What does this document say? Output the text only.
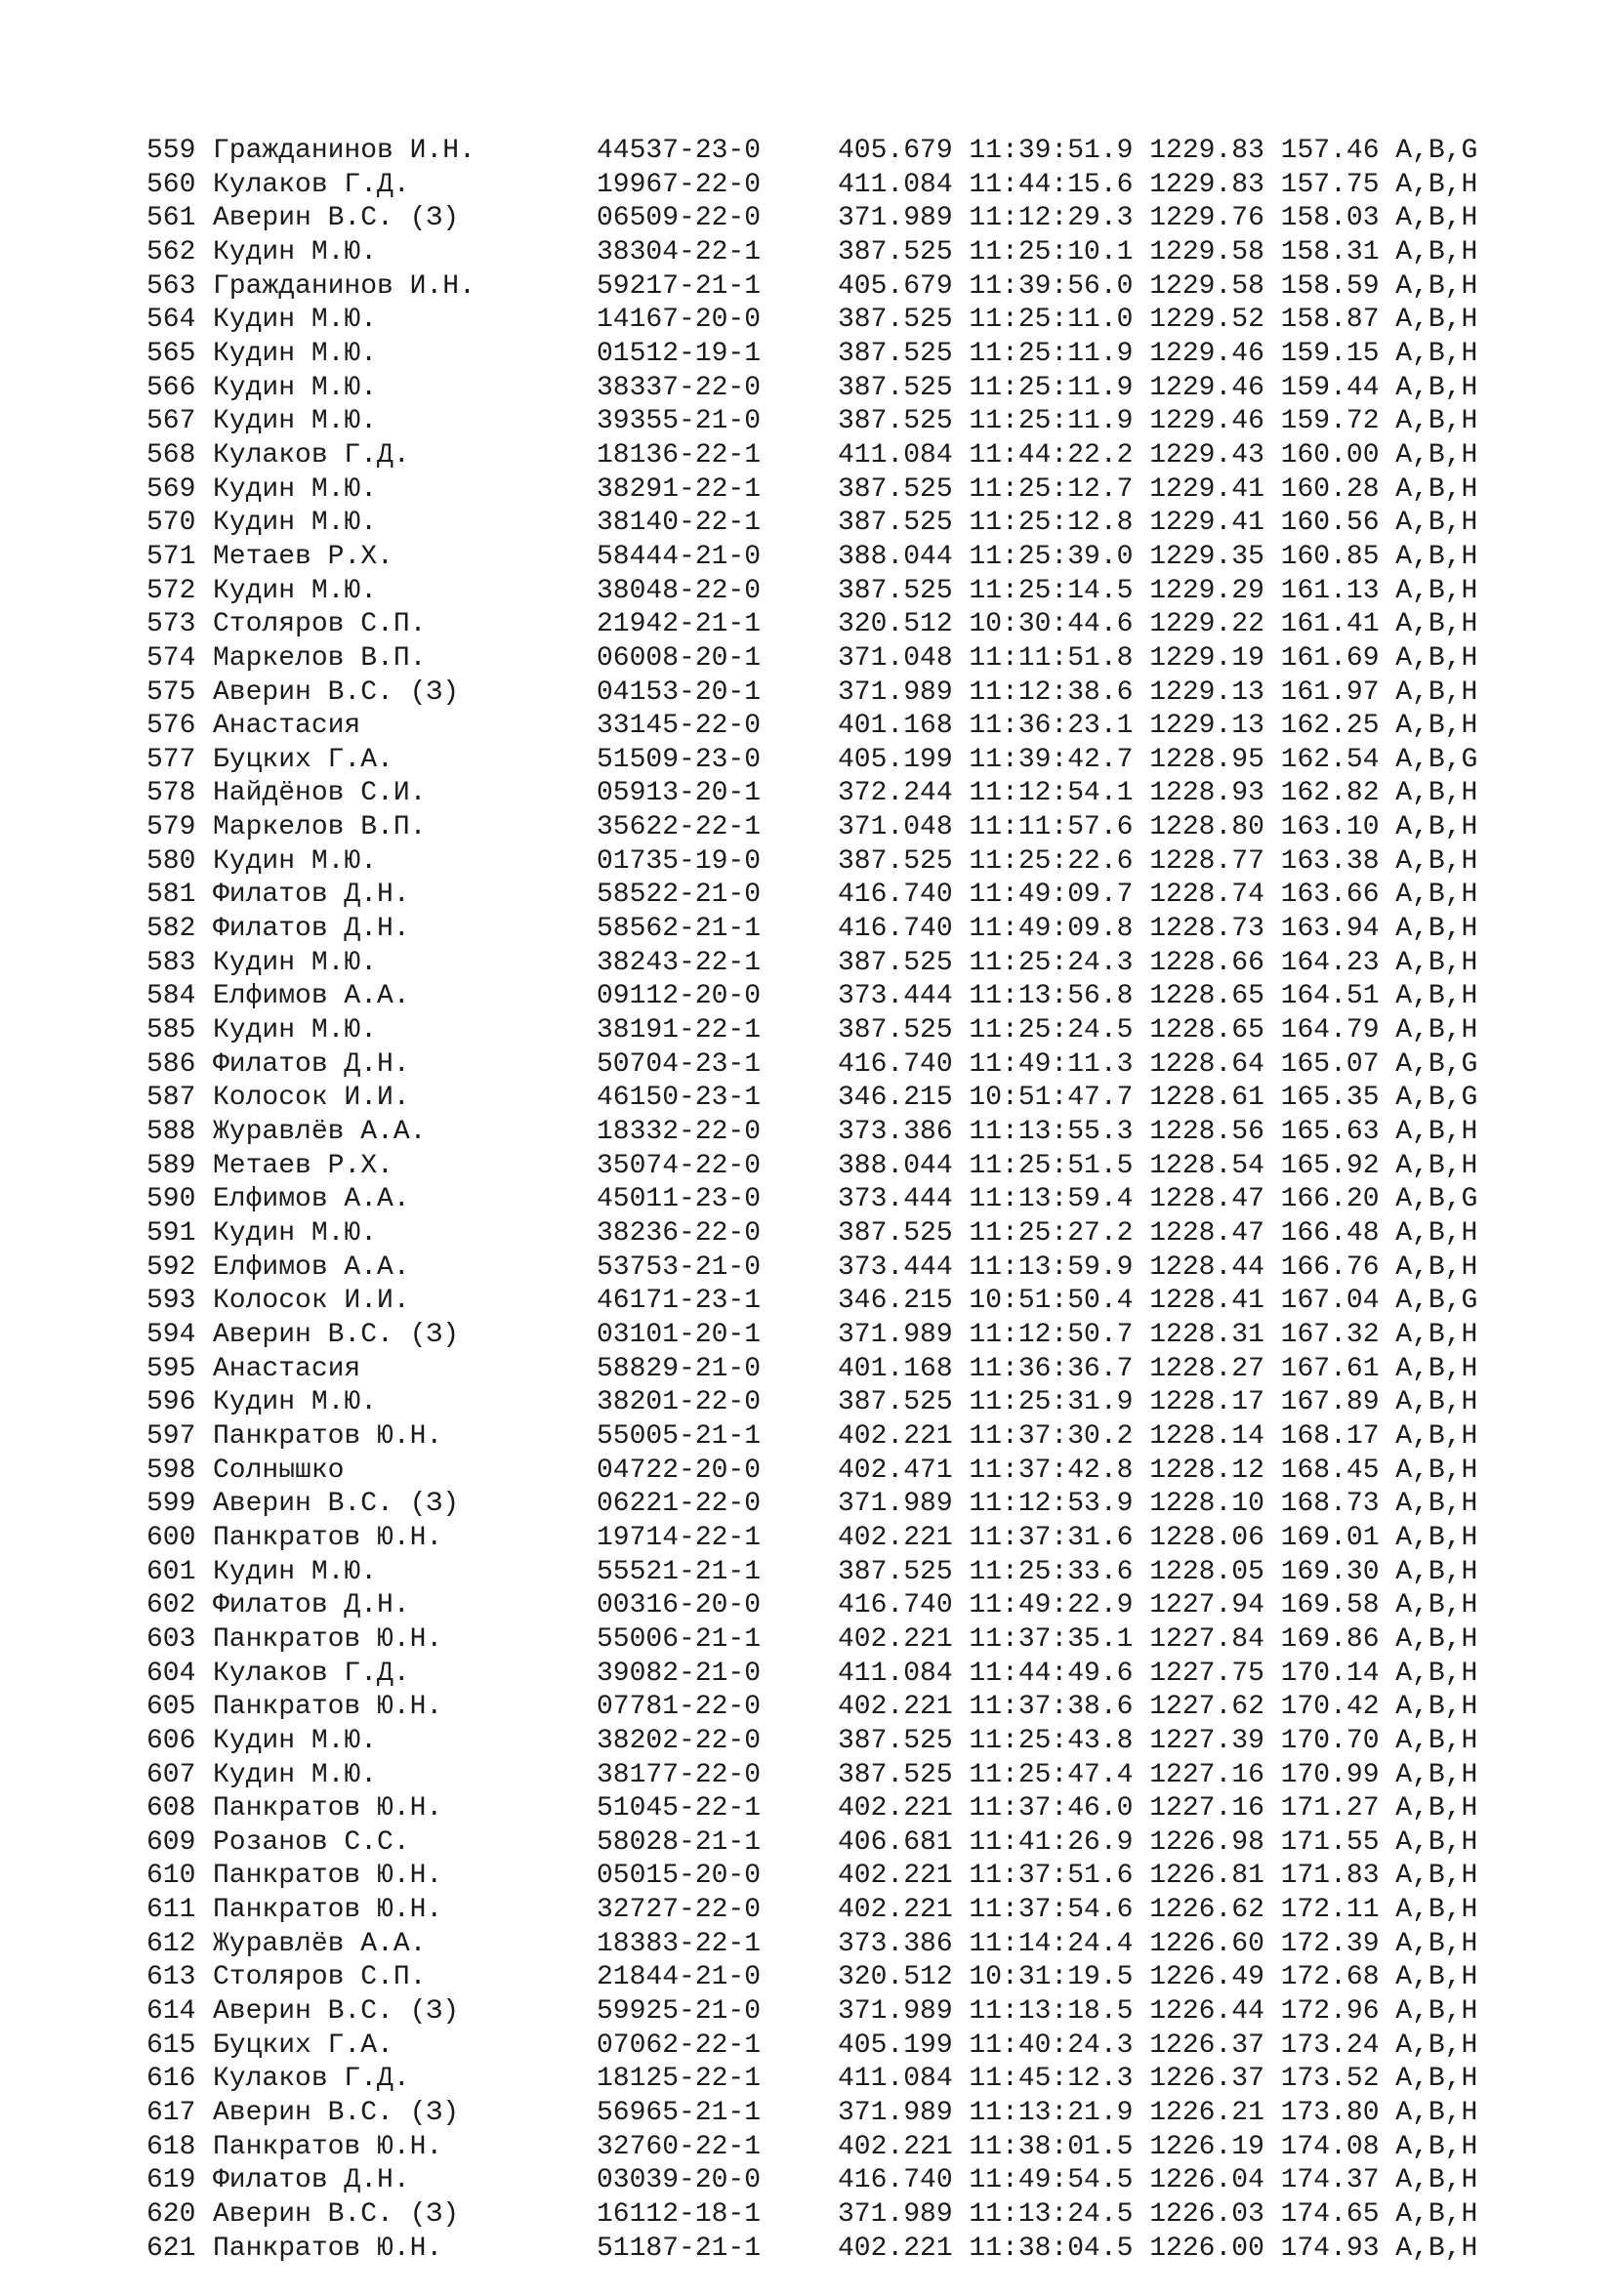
559 Гражданинов И.Н.	44537-23-0	405.679 11:39:51.9 1229.83 157.46 A,B,G
560 Кулаков Г.Д.	19967-22-0	411.084 11:44:15.6 1229.83 157.75 A,B,H
561 Аверин В.С. (З)	06509-22-0	371.989 11:12:29.3 1229.76 158.03 A,B,H
562 Кудин М.Ю.	38304-22-1	387.525 11:25:10.1 1229.58 158.31 A,B,H
563 Гражданинов И.Н.	59217-21-1	405.679 11:39:56.0 1229.58 158.59 A,B,H
564 Кудин М.Ю.	14167-20-0	387.525 11:25:11.0 1229.52 158.87 A,B,H
565 Кудин М.Ю.	01512-19-1	387.525 11:25:11.9 1229.46 159.15 A,B,H
566 Кудин М.Ю.	38337-22-0	387.525 11:25:11.9 1229.46 159.44 A,B,H
567 Кудин М.Ю.	39355-21-0	387.525 11:25:11.9 1229.46 159.72 A,B,H
568 Кулаков Г.Д.	18136-22-1	411.084 11:44:22.2 1229.43 160.00 A,B,H
569 Кудин М.Ю.	38291-22-1	387.525 11:25:12.7 1229.41 160.28 A,B,H
570 Кудин М.Ю.	38140-22-1	387.525 11:25:12.8 1229.41 160.56 A,B,H
571 Метаев Р.Х.	58444-21-0	388.044 11:25:39.0 1229.35 160.85 A,B,H
572 Кудин М.Ю.	38048-22-0	387.525 11:25:14.5 1229.29 161.13 A,B,H
573 Столяров С.П.	21942-21-1	320.512 10:30:44.6 1229.22 161.41 A,B,H
574 Маркелов В.П.	06008-20-1	371.048 11:11:51.8 1229.19 161.69 A,B,H
575 Аверин В.С. (З)	04153-20-1	371.989 11:12:38.6 1229.13 161.97 A,B,H
576 Анастасия	33145-22-0	401.168 11:36:23.1 1229.13 162.25 A,B,H
577 Буцких Г.А.	51509-23-0	405.199 11:39:42.7 1228.95 162.54 A,B,G
578 Найдёнов С.И.	05913-20-1	372.244 11:12:54.1 1228.93 162.82 A,B,H
579 Маркелов В.П.	35622-22-1	371.048 11:11:57.6 1228.80 163.10 A,B,H
580 Кудин М.Ю.	01735-19-0	387.525 11:25:22.6 1228.77 163.38 A,B,H
581 Филатов Д.Н.	58522-21-0	416.740 11:49:09.7 1228.74 163.66 A,B,H
582 Филатов Д.Н.	58562-21-1	416.740 11:49:09.8 1228.73 163.94 A,B,H
583 Кудин М.Ю.	38243-22-1	387.525 11:25:24.3 1228.66 164.23 A,B,H
584 Елфимов А.А.	09112-20-0	373.444 11:13:56.8 1228.65 164.51 A,B,H
585 Кудин М.Ю.	38191-22-1	387.525 11:25:24.5 1228.65 164.79 A,B,H
586 Филатов Д.Н.	50704-23-1	416.740 11:49:11.3 1228.64 165.07 A,B,G
587 Колосок И.И.	46150-23-1	346.215 10:51:47.7 1228.61 165.35 A,B,G
588 Журавлёв А.А.	18332-22-0	373.386 11:13:55.3 1228.56 165.63 A,B,H
589 Метаев Р.Х.	35074-22-0	388.044 11:25:51.5 1228.54 165.92 A,B,H
590 Елфимов А.А.	45011-23-0	373.444 11:13:59.4 1228.47 166.20 A,B,G
591 Кудин М.Ю.	38236-22-0	387.525 11:25:27.2 1228.47 166.48 A,B,H
592 Елфимов А.А.	53753-21-0	373.444 11:13:59.9 1228.44 166.76 A,B,H
593 Колосок И.И.	46171-23-1	346.215 10:51:50.4 1228.41 167.04 A,B,G
594 Аверин В.С. (З)	03101-20-1	371.989 11:12:50.7 1228.31 167.32 A,B,H
595 Анастасия	58829-21-0	401.168 11:36:36.7 1228.27 167.61 A,B,H
596 Кудин М.Ю.	38201-22-0	387.525 11:25:31.9 1228.17 167.89 A,B,H
597 Панкратов Ю.Н.	55005-21-1	402.221 11:37:30.2 1228.14 168.17 A,B,H
598 Солнышко	04722-20-0	402.471 11:37:42.8 1228.12 168.45 A,B,H
599 Аверин В.С. (З)	06221-22-0	371.989 11:12:53.9 1228.10 168.73 A,B,H
600 Панкратов Ю.Н.	19714-22-1	402.221 11:37:31.6 1228.06 169.01 A,B,H
601 Кудин М.Ю.	55521-21-1	387.525 11:25:33.6 1228.05 169.30 A,B,H
602 Филатов Д.Н.	00316-20-0	416.740 11:49:22.9 1227.94 169.58 A,B,H
603 Панкратов Ю.Н.	55006-21-1	402.221 11:37:35.1 1227.84 169.86 A,B,H
604 Кулаков Г.Д.	39082-21-0	411.084 11:44:49.6 1227.75 170.14 A,B,H
605 Панкратов Ю.Н.	07781-22-0	402.221 11:37:38.6 1227.62 170.42 A,B,H
606 Кудин М.Ю.	38202-22-0	387.525 11:25:43.8 1227.39 170.70 A,B,H
607 Кудин М.Ю.	38177-22-0	387.525 11:25:47.4 1227.16 170.99 A,B,H
608 Панкратов Ю.Н.	51045-22-1	402.221 11:37:46.0 1227.16 171.27 A,B,H
609 Розанов С.С.	58028-21-1	406.681 11:41:26.9 1226.98 171.55 A,B,H
610 Панкратов Ю.Н.	05015-20-0	402.221 11:37:51.6 1226.81 171.83 A,B,H
611 Панкратов Ю.Н.	32727-22-0	402.221 11:37:54.6 1226.62 172.11 A,B,H
612 Журавлёв А.А.	18383-22-1	373.386 11:14:24.4 1226.60 172.39 A,B,H
613 Столяров С.П.	21844-21-0	320.512 10:31:19.5 1226.49 172.68 A,B,H
614 Аверин В.С. (З)	59925-21-0	371.989 11:13:18.5 1226.44 172.96 A,B,H
615 Буцких Г.А.	07062-22-1	405.199 11:40:24.3 1226.37 173.24 A,B,H
616 Кулаков Г.Д.	18125-22-1	411.084 11:45:12.3 1226.37 173.52 A,B,H
617 Аверин В.С. (З)	56965-21-1	371.989 11:13:21.9 1226.21 173.80 A,B,H
618 Панкратов Ю.Н.	32760-22-1	402.221 11:38:01.5 1226.19 174.08 A,B,H
619 Филатов Д.Н.	03039-20-0	416.740 11:49:54.5 1226.04 174.37 A,B,H
620 Аверин В.С. (З)	16112-18-1	371.989 11:13:24.5 1226.03 174.65 A,B,H
621 Панкратов Ю.Н.	51187-21-1	402.221 11:38:04.5 1226.00 174.93 A,B,H
